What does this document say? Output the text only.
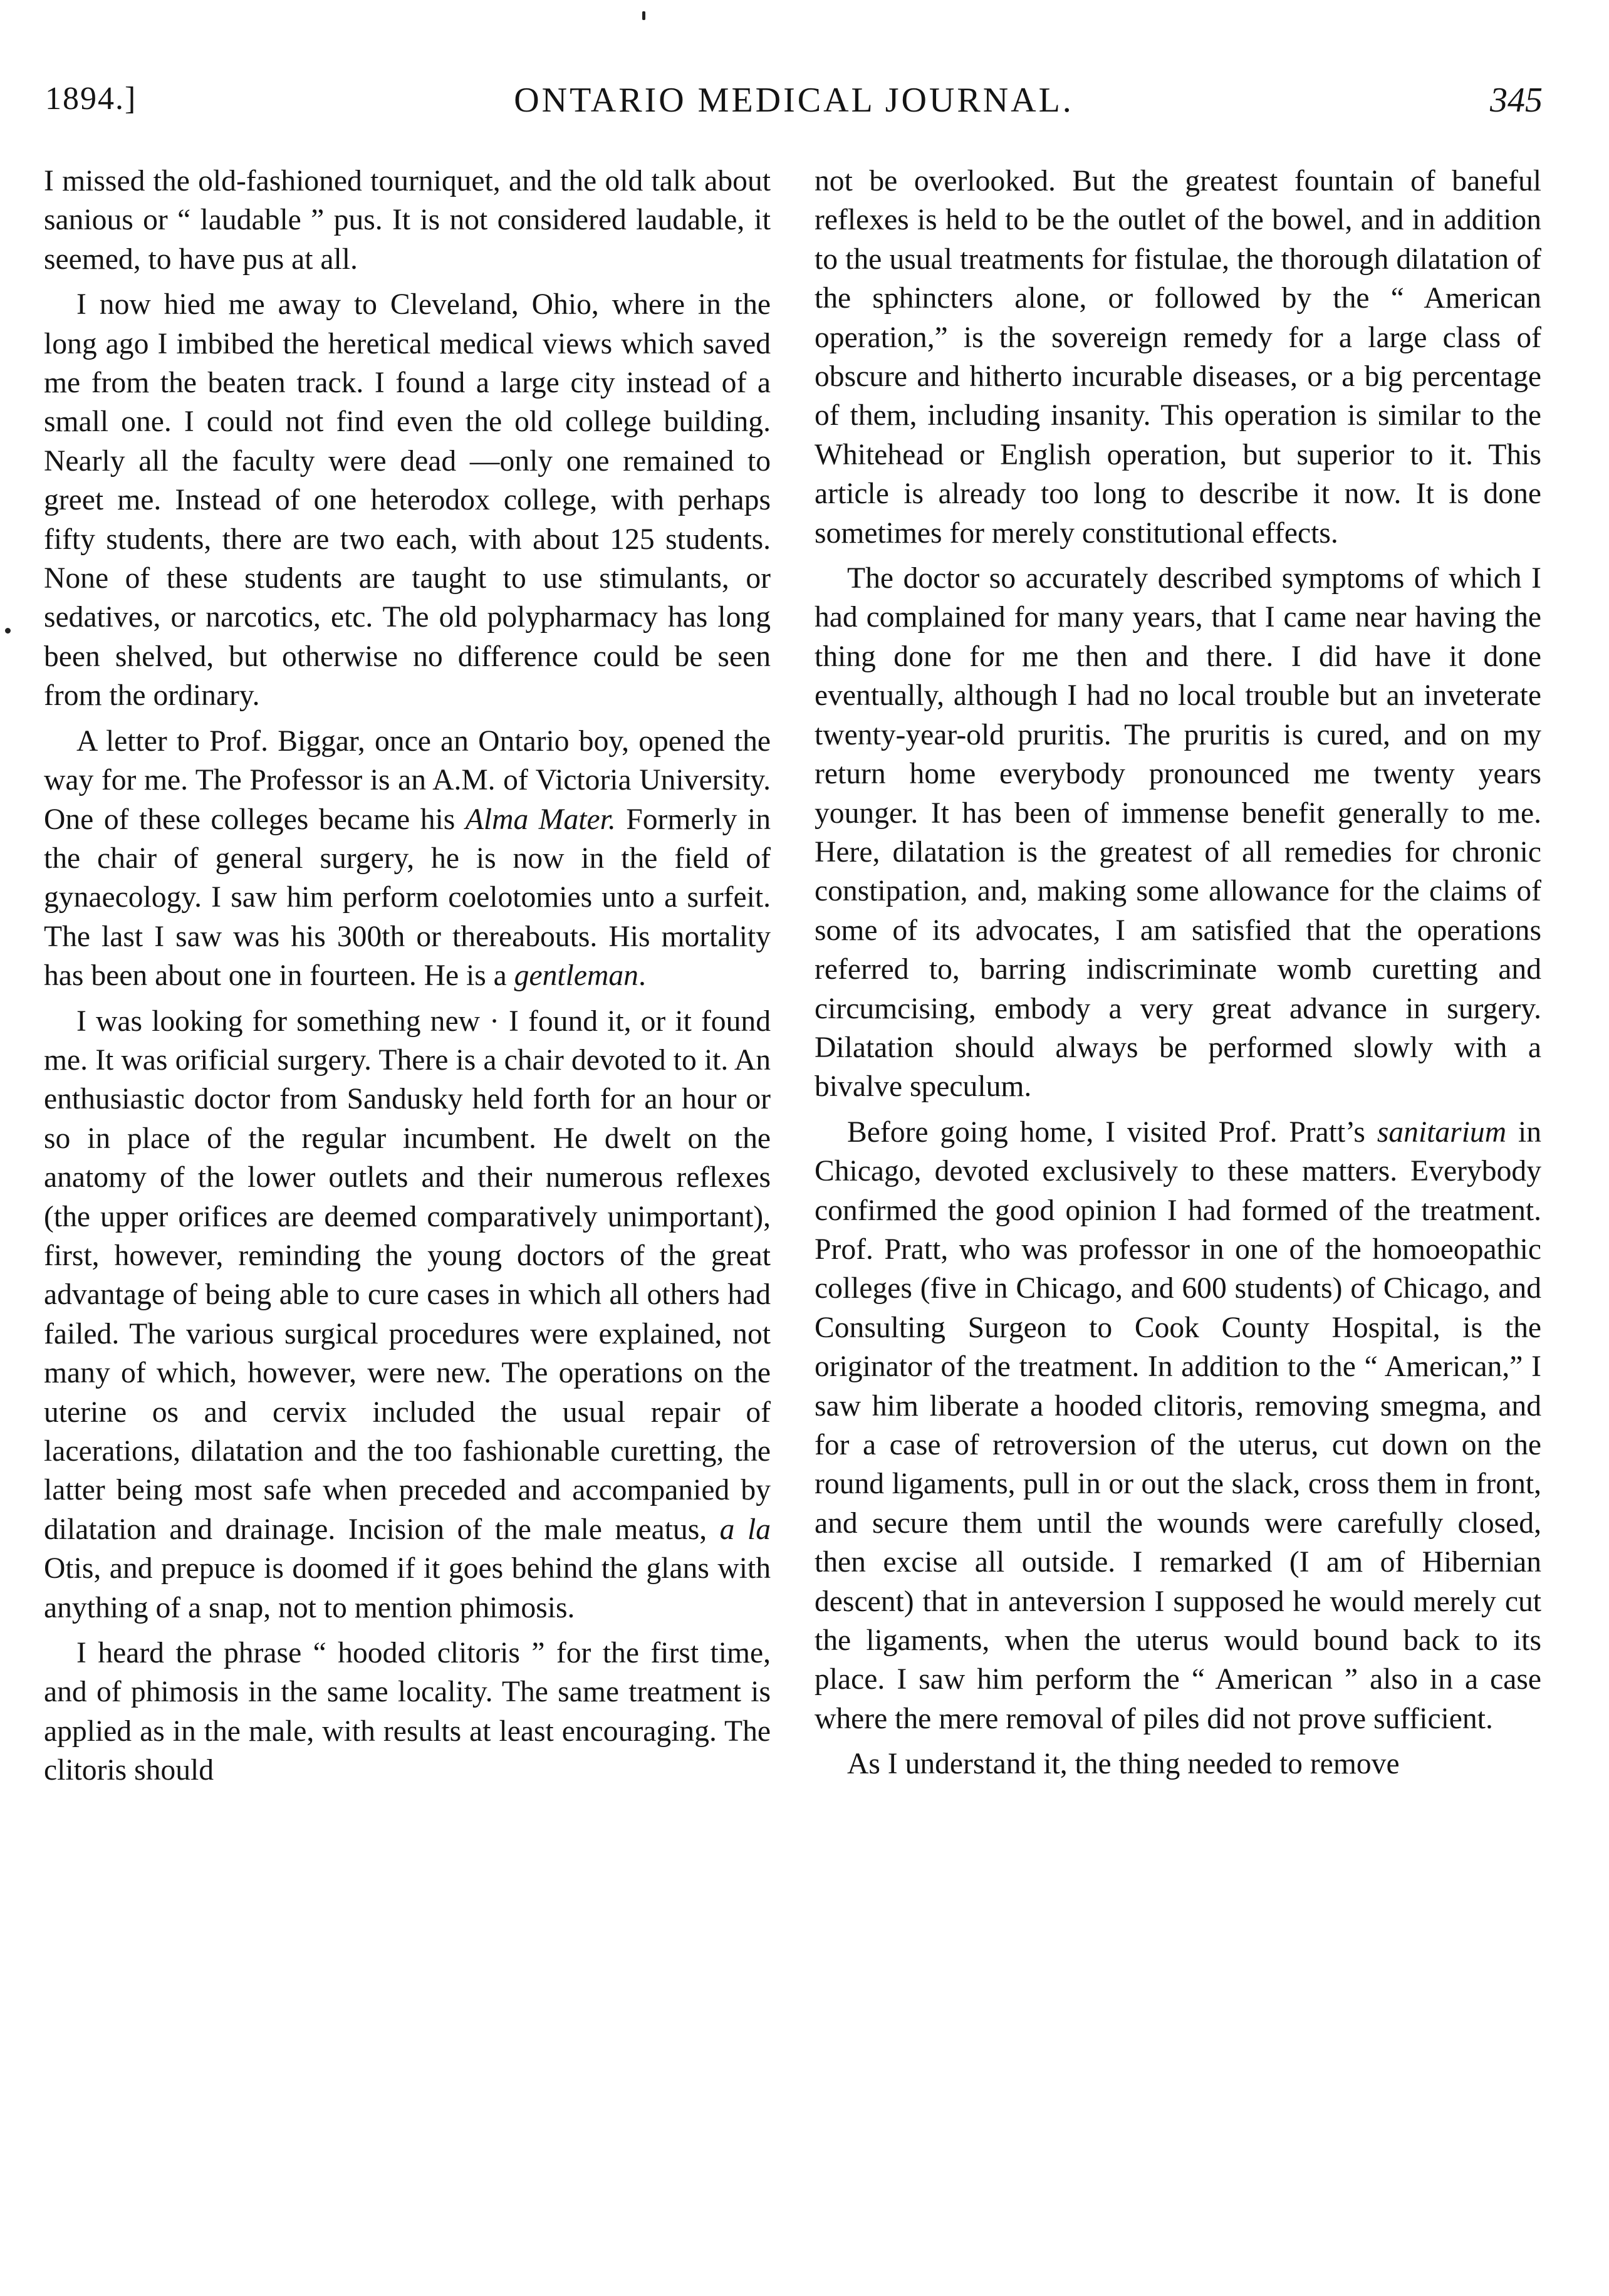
1894.]	ONTARIO MEDICAL JOURNAL.	345

I missed the old-fashioned tourniquet, and the old talk about sanious or “ laudable ” pus. It is not considered laudable, it seemed, to have pus at all.

I now hied me away to Cleveland, Ohio, where in the long ago I imbibed the heretical medical views which saved me from the beaten track. I found a large city instead of a small one. I could not find even the old college building. Nearly all the faculty were dead —only one remained to greet me. Instead of one heterodox college, with perhaps fifty students, there are two each, with about 125 students. None of these students are taught to use stimulants, or sedatives, or narcotics, etc. The old polypharmacy has long been shelved, but otherwise no difference could be seen from the ordinary.

A letter to Prof. Biggar, once an Ontario boy, opened the way for me. The Professor is an A.M. of Victoria University. One of these colleges became his Alma Mater. Formerly in the chair of general surgery, he is now in the field of gynaecology. I saw him perform coelotomies unto a surfeit. The last I saw was his 300th or thereabouts. His mortality has been about one in fourteen. He is a gentleman.

I was looking for something new · I found it, or it found me. It was orificial surgery. There is a chair devoted to it. An enthusiastic doctor from Sandusky held forth for an hour or so in place of the regular incumbent. He dwelt on the anatomy of the lower outlets and their numerous reflexes (the upper orifices are deemed comparatively unimportant), first, however, reminding the young doctors of the great advantage of being able to cure cases in which all others had failed. The various surgical procedures were explained, not many of which, however, were new. The operations on the uterine os and cervix included the usual repair of lacerations, dilatation and the too fashionable curetting, the latter being most safe when preceded and accompanied by dilatation and drainage. Incision of the male meatus, a la Otis, and prepuce is doomed if it goes behind the glans with anything of a snap, not to mention phimosis.

I heard the phrase “ hooded clitoris ” for the first time, and of phimosis in the same locality. The same treatment is applied as in the male, with results at least encouraging. The clitoris should

not be overlooked. But the greatest fountain of baneful reflexes is held to be the outlet of the bowel, and in addition to the usual treatments for fistulae, the thorough dilatation of the sphincters alone, or followed by the “ American operation,” is the sovereign remedy for a large class of obscure and hitherto incurable diseases, or a big percentage of them, including insanity. This operation is similar to the Whitehead or English operation, but superior to it. This article is already too long to describe it now. It is done sometimes for merely constitutional effects.

The doctor so accurately described symptoms of which I had complained for many years, that I came near having the thing done for me then and there. I did have it done eventually, although I had no local trouble but an inveterate twenty-year-old pruritis. The pruritis is cured, and on my return home everybody pronounced me twenty years younger. It has been of immense benefit generally to me. Here, dilatation is the greatest of all remedies for chronic constipation, and, making some allowance for the claims of some of its advocates, I am satisfied that the operations referred to, barring indiscriminate womb curetting and circumcising, embody a very great advance in surgery. Dilatation should always be performed slowly with a bivalve speculum.

Before going home, I visited Prof. Pratt’s sanitarium in Chicago, devoted exclusively to these matters. Everybody confirmed the good opinion I had formed of the treatment. Prof. Pratt, who was professor in one of the homoeopathic colleges (five in Chicago, and 600 students) of Chicago, and Consulting Surgeon to Cook County Hospital, is the originator of the treatment. In addition to the “ American,” I saw him liberate a hooded clitoris, removing smegma, and for a case of retroversion of the uterus, cut down on the round ligaments, pull in or out the slack, cross them in front, and secure them until the wounds were carefully closed, then excise all outside. I remarked (I am of Hibernian descent) that in anteversion I supposed he would merely cut the ligaments, when the uterus would bound back to its place. I saw him perform the “ American ” also in a case where the mere removal of piles did not prove sufficient.

As I understand it, the thing needed to remove
